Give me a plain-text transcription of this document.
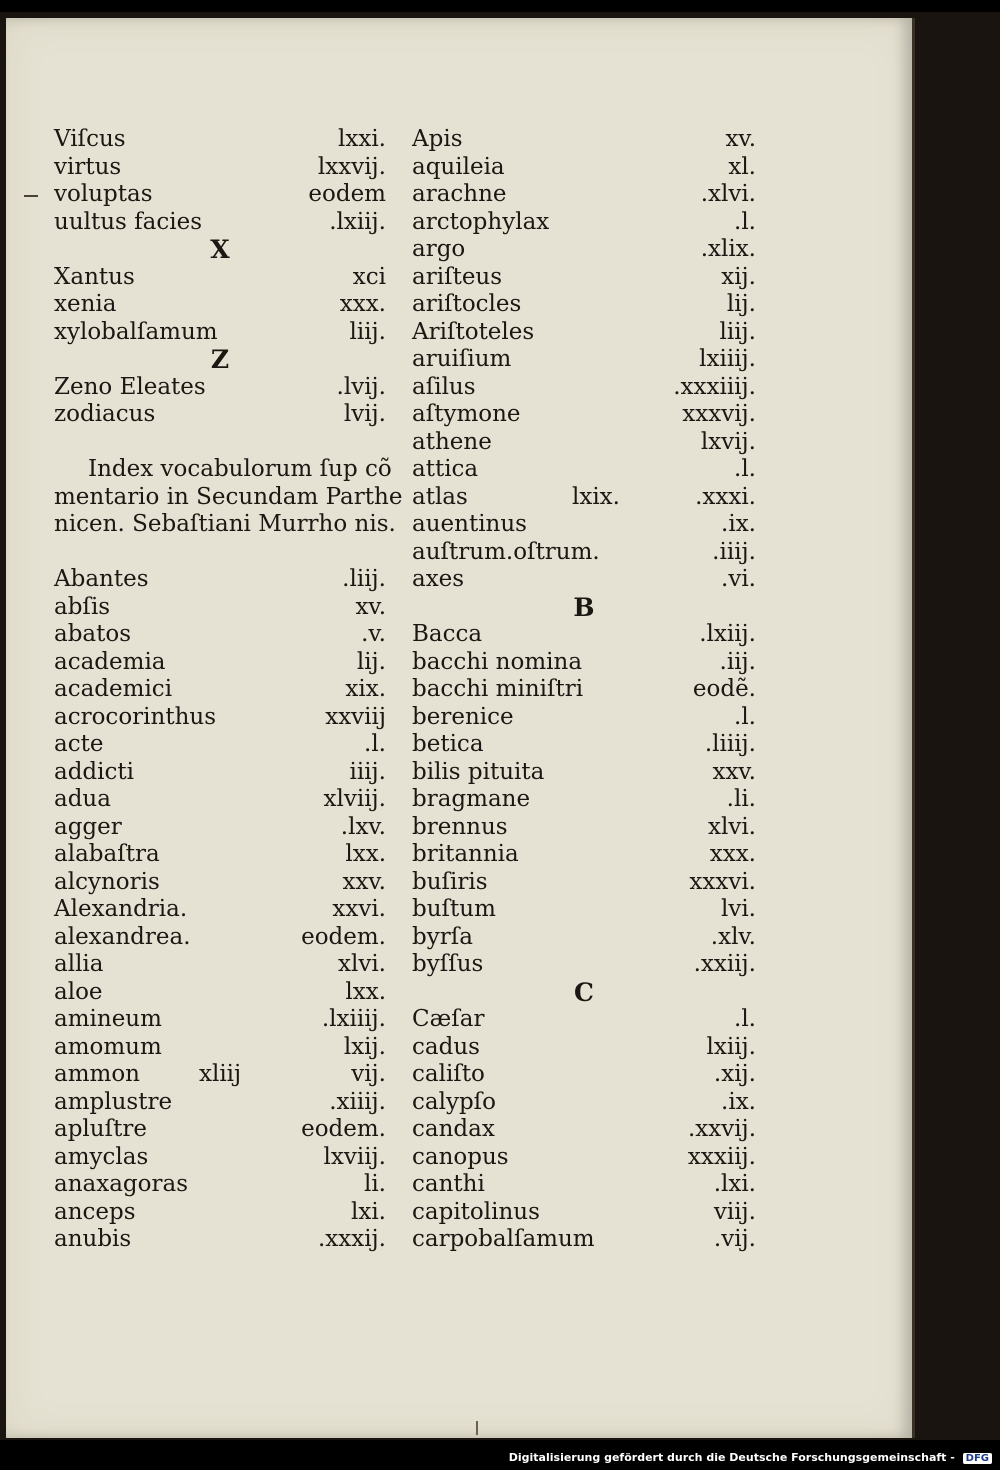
Viſcus	lxxi.
virtus	lxxvij.
voluptas	eodem
uultus facies	.lxiij.
X
Xantus	xci
xenia	xxx.
xylobalſamum	liij.
Z
Zeno Eleates	.lvij.
zodiacus	lvij.
Index vocabulorum ſup cõ
mentario in Secundam Parthe
nicen. Sebaſtiani Murrho nis.
Abantes	.liij.
abſis	xv.
abatos	.v.
academia	lij.
academici	xix.
acrocorinthus	xxviij
acte	.l.
addicti	iiij.
adua	xlviij.
agger	.lxv.
alabaſtra	lxx.
alcynoris	xxv.
Alexandria.	xxvi.
alexandrea.	eodem.
allia	xlvi.
aloe	lxx.
amineum	.lxiiij.
amomum	lxij.
ammon	xliij	vij.
amplustre	.xiiij.
apluſtre	eodem.
amyclas	lxviij.
anaxagoras	li.
anceps	lxi.
anubis	.xxxij.
Apis	xv.
aquileia	xl.
arachne	.xlvi.
arctophylax	.l.
argo	.xlix.
ariſteus	xij.
ariſtocles	lij.
Ariſtoteles	liij.
aruiſium	lxiiij.
aſilus	.xxxiiij.
aſtymone	xxxvij.
athene	lxvij.
attica	.l.
atlas	lxix.	.xxxi.
auentinus	.ix.
auſtrum.oſtrum.	.iiij.
axes	.vi.
B
Bacca	.lxiij.
bacchi nomina	.iij.
bacchi miniſtri	eodẽ.
berenice	.l.
betica	.liiij.
bilis pituita	xxv.
bragmane	.li.
brennus	xlvi.
britannia	xxx.
buſiris	xxxvi.
buſtum	lvi.
byrſa	.xlv.
byſſus	.xxiij.
C
Cæſar	.l.
cadus	lxiij.
caliſto	.xij.
calypſo	.ix.
candax	.xxvij.
canopus	xxxiij.
canthi	.lxi.
capitolinus	viij.
carpobalſamum	.vij.
Digitalisierung gefördert durch die Deutsche Forschungsgemeinschaft - DFG
